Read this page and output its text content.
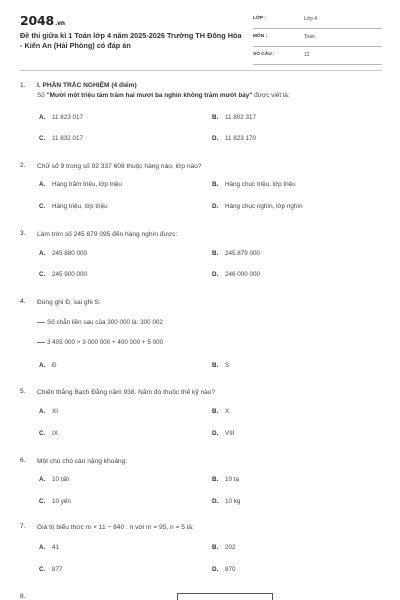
2048.vn
Đề thi giữa kì 1 Toán lớp 4 năm 2025-2026 Trường TH Đông Hòa - Kiến An (Hải Phòng) có đáp án
LỚP :	Lớp 4
MÔN :	Toán
SỐ CÂU :	12
1. I. PHẦN TRẮC NGHIỆM (4 điểm)
Số "Mười một triệu tám trăm hai mươi ba nghìn không trăm mười bảy" được viết là:
A. 11 823 017	B. 11 802 317
C. 11 832 017	D. 11 823 170
2. Chữ số 9 trong số 92 337 608 thuộc hàng nào, lớp nào?
A. Hàng trăm triệu, lớp triệu	B. Hàng chục triệu, lớp triệu
C. Hàng triệu, lớp triệu	D. Hàng chục nghìn, lớp nghìn
3. Làm tròn số 245 879 095 đến hàng nghìn được:
A. 245 880 000	B. 245 879 000
C. 245 900 000	D. 246 000 000
4. Đúng ghi Đ, sai ghi S:
Số chẵn liền sau của 300 000 là: 300 002
3 405 000 > 3 000 000 + 400 000 + 5 000
A. Đ	B. S
5. Chiến thắng Bạch Đằng năm 938. Năm đó thuộc thế kỷ nào?
A. XI	B. X
C. IX	D. VIII
6. Một chú chó cân nặng khoảng:
A. 10 tấn	B. 10 tạ
C. 10 yến	D. 10 kg
7. Giá trị biểu thức m × 11 − 840 : n với m = 95, n = 5 là:
A. 41	B. 202
C. 877	D. 870
8.
